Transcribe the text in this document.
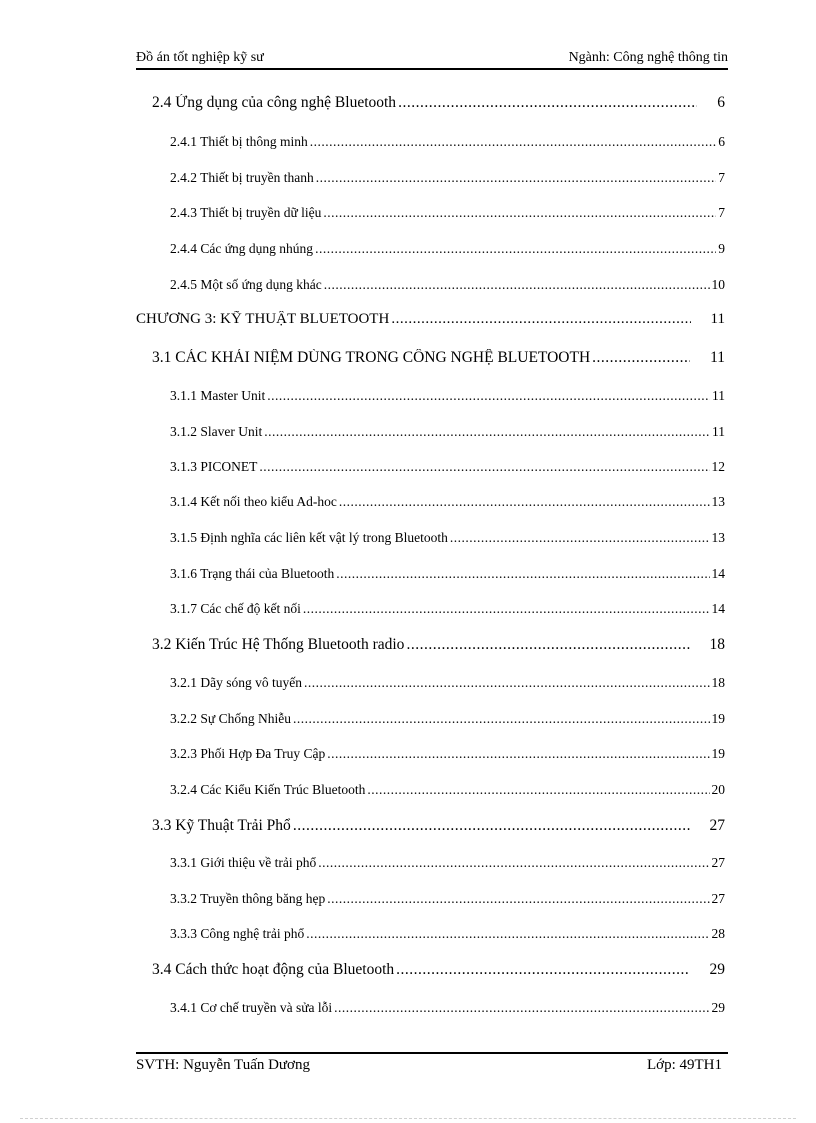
Đồ án tốt nghiệp kỹ sư	Ngành: Công nghệ thông tin
2.4 Ứng dụng của công nghệ Bluetooth .....	6
2.4.1 Thiết bị thông minh .....	6
2.4.2 Thiết bị truyền thanh .....	7
2.4.3 Thiết bị truyền dữ liệu .....	7
2.4.4 Các ứng dụng nhúng .....	9
2.4.5 Một số ứng dụng khác .....	10
CHƯƠNG 3: KỸ THUẬT BLUETOOTH .....	11
3.1 CÁC KHÁI NIỆM DÙNG TRONG CÔNG NGHỆ BLUETOOTH .....	11
3.1.1 Master Unit .....	11
3.1.2 Slaver Unit .....	11
3.1.3 PICONET .....	12
3.1.4 Kết nối theo kiểu Ad-hoc .....	13
3.1.5 Định nghĩa các liên kết vật lý trong Bluetooth .....	13
3.1.6 Trạng thái của Bluetooth .....	14
3.1.7 Các chế độ kết nối .....	14
3.2 Kiến Trúc Hệ Thống Bluetooth radio .....	18
3.2.1 Dãy sóng vô tuyến .....	18
3.2.2 Sự Chống Nhiễu .....	19
3.2.3 Phối Hợp Đa Truy Cập .....	19
3.2.4 Các Kiểu Kiến Trúc Bluetooth .....	20
3.3 Kỹ Thuật Trải Phổ .....	27
3.3.1 Giới thiệu về trải phổ .....	27
3.3.2 Truyền thông băng hẹp .....	27
3.3.3 Công nghệ trải phổ .....	28
3.4 Cách thức hoạt động của Bluetooth .....	29
3.4.1 Cơ chế truyền và sửa lỗi .....	29
SVTH: Nguyễn Tuấn Dương	Lớp: 49TH1
